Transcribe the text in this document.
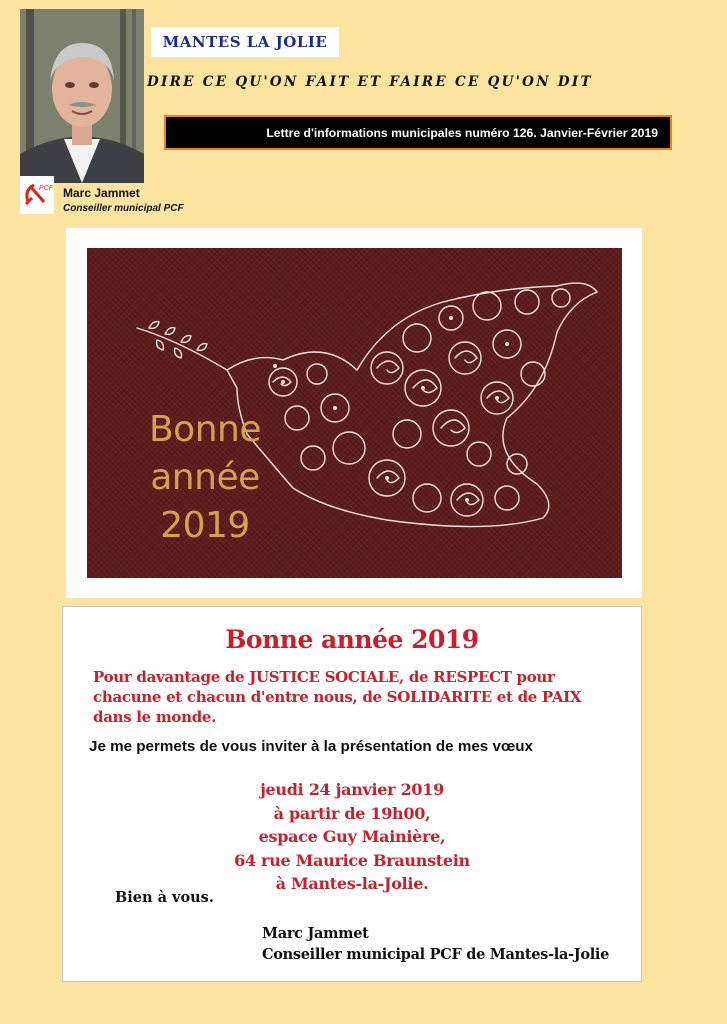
MANTES LA JOLIE
DIRE CE QU'ON FAIT ET FAIRE CE QU'ON DIT
Lettre d'informations municipales numéro 126. Janvier-Février 2019
PCF Marc Jammet
Conseiller municipal PCF
Bonne
année
2019
Bonne année 2019
Pour davantage de JUSTICE SOCIALE, de RESPECT pour
chacune et chacun d'entre nous, de SOLIDARITE et de PAIX
dans le monde.
Je me permets de vous inviter à la présentation de mes vœux
jeudi 24 janvier 2019
à partir de 19h00,
espace Guy Mainière,
64 rue Maurice Braunstein
à Mantes-la-Jolie.
Bien à vous.
Marc Jammet
Conseiller municipal PCF de Mantes-la-Jolie
